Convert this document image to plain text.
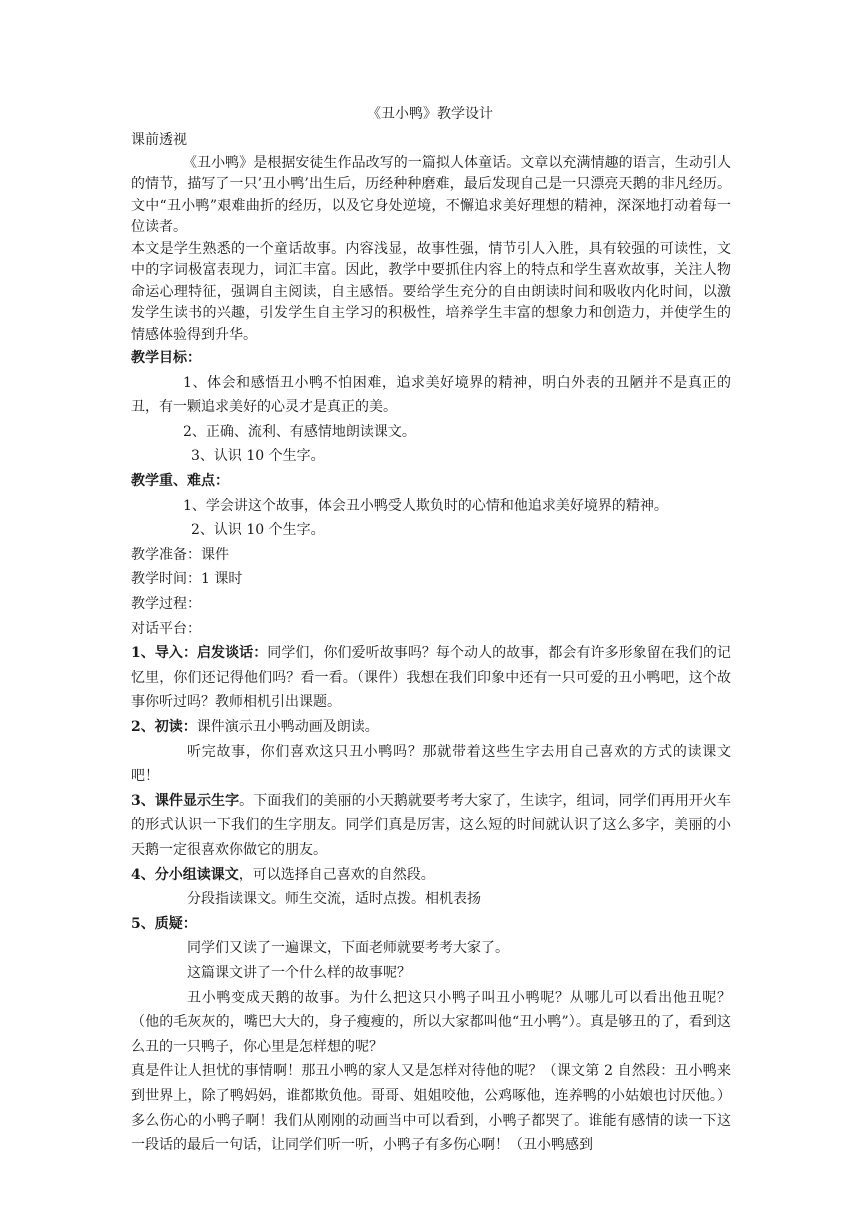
《丑小鸭》教学设计

课前透视

《丑小鸭》是根据安徒生作品改写的一篇拟人体童话。文章以充满情趣的语言，生动引人的情节，描写了一只’丑小鸭’出生后，历经种种磨难，最后发现自己是一只漂亮天鹅的非凡经历。文中“丑小鸭”艰难曲折的经历，以及它身处逆境，不懈追求美好理想的精神，深深地打动着每一位读者。

本文是学生熟悉的一个童话故事。内容浅显，故事性强，情节引人入胜，具有较强的可读性，文中的字词极富表现力，词汇丰富。因此，教学中要抓住内容上的特点和学生喜欢故事，关注人物命运心理特征，强调自主阅读，自主感悟。要给学生充分的自由朗读时间和吸收内化时间，以激发学生读书的兴趣，引发学生自主学习的积极性，培养学生丰富的想象力和创造力，并使学生的情感体验得到升华。

教学目标：

1、体会和感悟丑小鸭不怕困难，追求美好境界的精神，明白外表的丑陋并不是真正的丑，有一颗追求美好的心灵才是真正的美。

2、正确、流利、有感情地朗读课文。

3、认识 10 个生字。

教学重、难点：

1、学会讲这个故事，体会丑小鸭受人欺负时的心情和他追求美好境界的精神。

2、认识 10 个生字。

教学准备：课件

教学时间：1 课时

教学过程：

对话平台：

1、导入：启发谈话：同学们，你们爱听故事吗？每个动人的故事，都会有许多形象留在我们的记忆里，你们还记得他们吗？看一看。（课件）我想在我们印象中还有一只可爱的丑小鸭吧，这个故事你听过吗？教师相机引出课题。

2、初读：课件演示丑小鸭动画及朗读。

听完故事，你们喜欢这只丑小鸭吗？那就带着这些生字去用自己喜欢的方式的读课文吧！

3、课件显示生字。下面我们的美丽的小天鹅就要考考大家了，生读字，组词，同学们再用开火车的形式认识一下我们的生字朋友。同学们真是厉害，这么短的时间就认识了这么多字，美丽的小天鹅一定很喜欢你做它的朋友。

4、分小组读课文，可以选择自己喜欢的自然段。

分段指读课文。师生交流，适时点拨。相机表扬

5、质疑：

同学们又读了一遍课文，下面老师就要考考大家了。

这篇课文讲了一个什么样的故事呢？

丑小鸭变成天鹅的故事。为什么把这只小鸭子叫丑小鸭呢？从哪儿可以看出他丑呢？（他的毛灰灰的，嘴巴大大的，身子瘦瘦的，所以大家都叫他“丑小鸭”）。真是够丑的了，看到这么丑的一只鸭子，你心里是怎样想的呢？

真是件让人担忧的事情啊！那丑小鸭的家人又是怎样对待他的呢？（课文第 2 自然段：丑小鸭来到世界上，除了鸭妈妈，谁都欺负他。哥哥、姐姐咬他，公鸡啄他，连养鸭的小姑娘也讨厌他。）多么伤心的小鸭子啊！我们从刚刚的动画当中可以看到，小鸭子都哭了。谁能有感情的读一下这一段话的最后一句话，让同学们听一听，小鸭子有多伤心啊！（丑小鸭感到
